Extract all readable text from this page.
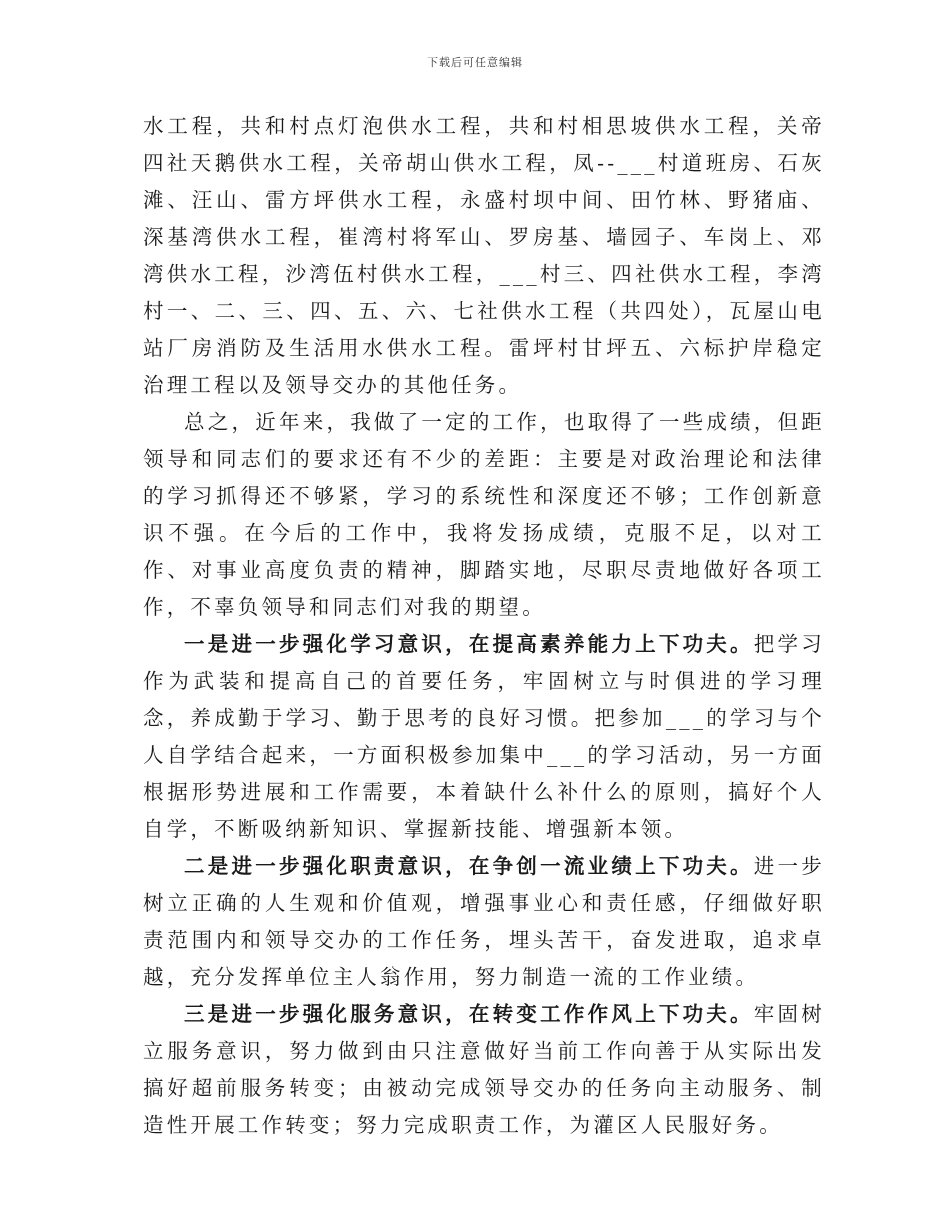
下载后可任意编辑

水工程，共和村点灯泡供水工程，共和村相思坡供水工程，关帝四社天鹅供水工程，关帝胡山供水工程，凤--___村道班房、石灰滩、汪山、雷方坪供水工程，永盛村坝中间、田竹林、野猪庙、深基湾供水工程，崔湾村将军山、罗房基、墙园子、车岗上、邓湾供水工程，沙湾伍村供水工程，___村三、四社供水工程，李湾村一、二、三、四、五、六、七社供水工程（共四处），瓦屋山电站厂房消防及生活用水供水工程。雷坪村甘坪五、六标护岸稳定治理工程以及领导交办的其他任务。

总之，近年来，我做了一定的工作，也取得了一些成绩，但距领导和同志们的要求还有不少的差距：主要是对政治理论和法律的学习抓得还不够紧，学习的系统性和深度还不够；工作创新意识不强。在今后的工作中，我将发扬成绩，克服不足，以对工作、对事业高度负责的精神，脚踏实地，尽职尽责地做好各项工作，不辜负领导和同志们对我的期望。

一是进一步强化学习意识，在提高素养能力上下功夫。把学习作为武装和提高自己的首要任务，牢固树立与时俱进的学习理念，养成勤于学习、勤于思考的良好习惯。把参加___的学习与个人自学结合起来，一方面积极参加集中___的学习活动，另一方面根据形势进展和工作需要，本着缺什么补什么的原则，搞好个人自学，不断吸纳新知识、掌握新技能、增强新本领。

二是进一步强化职责意识，在争创一流业绩上下功夫。进一步树立正确的人生观和价值观，增强事业心和责任感，仔细做好职责范围内和领导交办的工作任务，埋头苦干，奋发进取，追求卓越，充分发挥单位主人翁作用，努力制造一流的工作业绩。

三是进一步强化服务意识，在转变工作作风上下功夫。牢固树立服务意识，努力做到由只注意做好当前工作向善于从实际出发搞好超前服务转变；由被动完成领导交办的任务向主动服务、制造性开展工作转变；努力完成职责工作，为灌区人民服好务。
